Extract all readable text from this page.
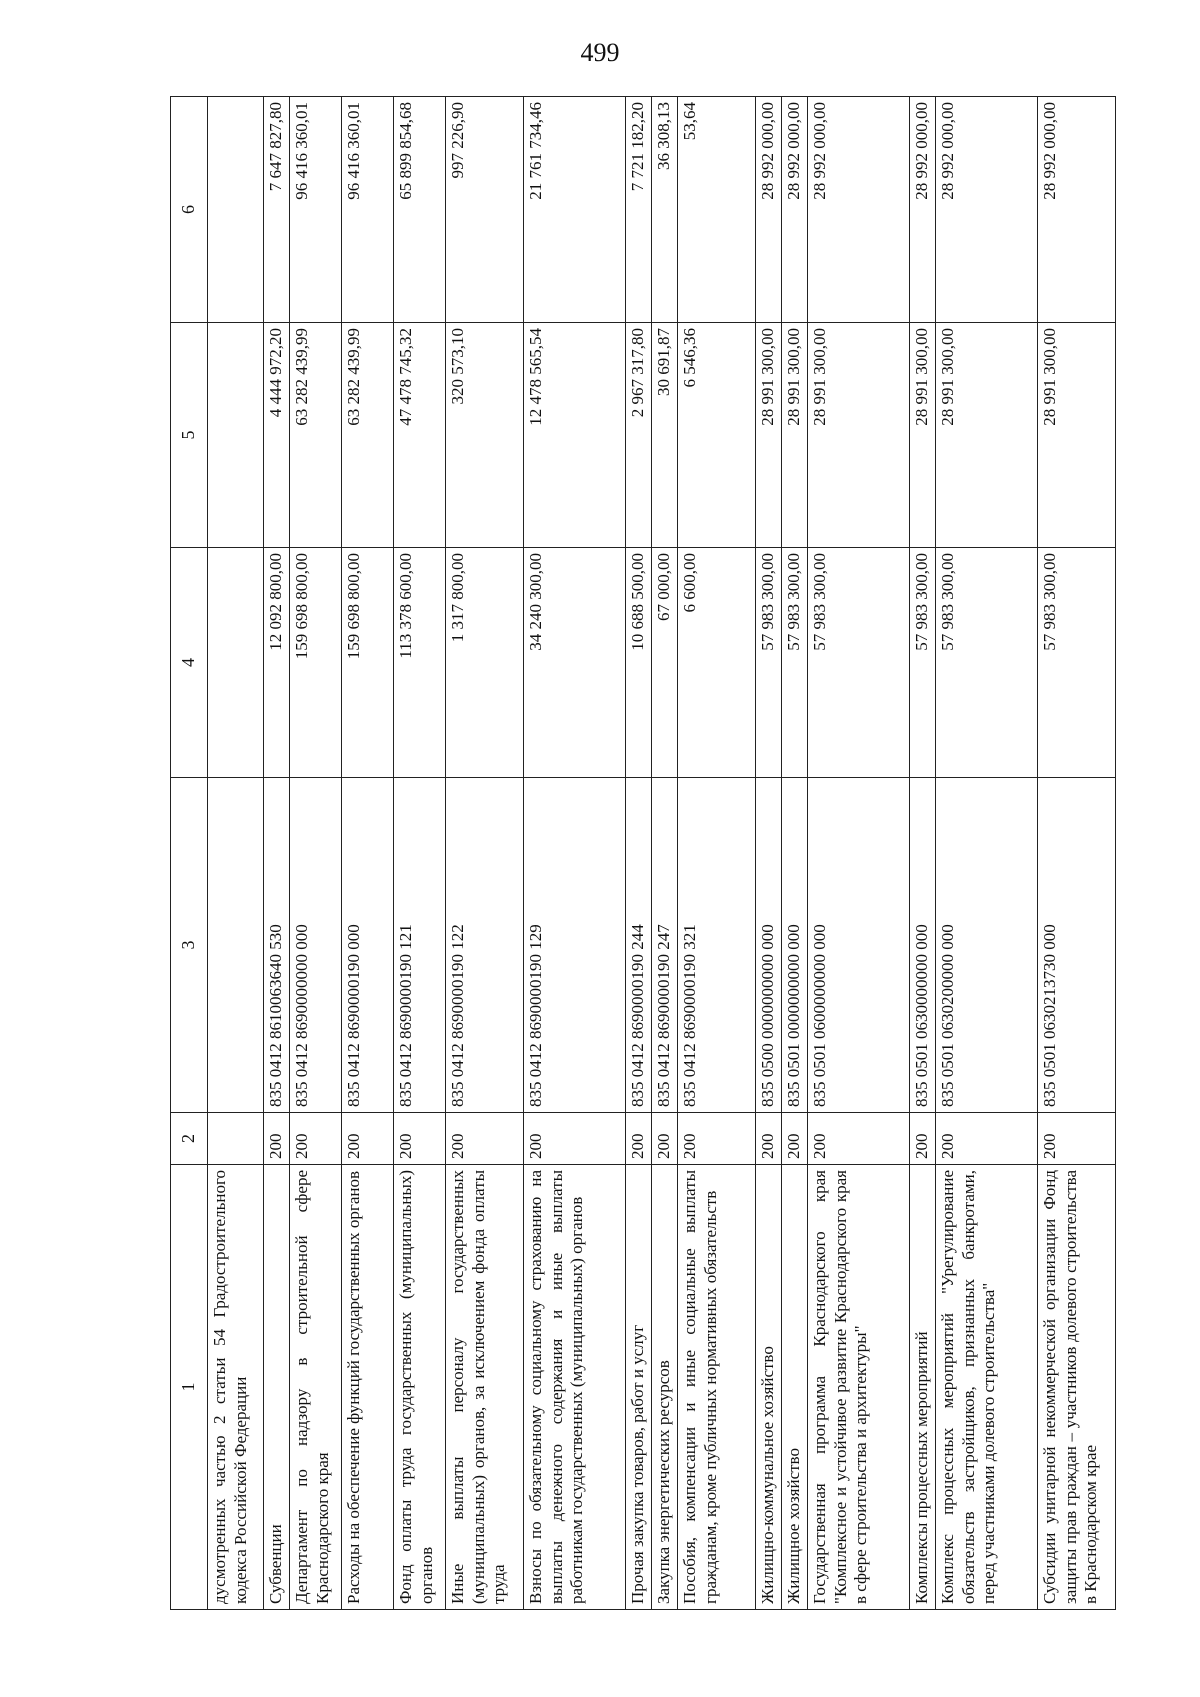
499
1	2	3	4	5	6
дусмотренных частью 2 статьи 54 Градостроительного кодекса Российской Федерации					
Субвенции	200	835 0412 8610063640 530	12 092 800,00	4 444 972,20	7 647 827,80
Департамент по надзору в строительной сфере Краснодарского края	200	835 0412 8690000000 000	159 698 800,00	63 282 439,99	96 416 360,01
Расходы на обеспечение функций государственных органов	200	835 0412 8690000190 000	159 698 800,00	63 282 439,99	96 416 360,01
Фонд оплаты труда государственных (муниципальных) органов	200	835 0412 8690000190 121	113 378 600,00	47 478 745,32	65 899 854,68
Иные выплаты персоналу государственных (муниципальных) органов, за исключением фонда оплаты труда	200	835 0412 8690000190 122	1 317 800,00	320 573,10	997 226,90
Взносы по обязательному социальному страхованию на выплаты денежного содержания и иные выплаты работникам государственных (муниципальных) органов	200	835 0412 8690000190 129	34 240 300,00	12 478 565,54	21 761 734,46
Прочая закупка товаров, работ и услуг	200	835 0412 8690000190 244	10 688 500,00	2 967 317,80	7 721 182,20
Закупка энергетических ресурсов	200	835 0412 8690000190 247	67 000,00	30 691,87	36 308,13
Пособия, компенсации и иные социальные выплаты гражданам, кроме публичных нормативных обязательств	200	835 0412 8690000190 321	6 600,00	6 546,36	53,64
Жилищно-коммунальное хозяйство	200	835 0500 0000000000 000	57 983 300,00	28 991 300,00	28 992 000,00
Жилищное хозяйство	200	835 0501 0000000000 000	57 983 300,00	28 991 300,00	28 992 000,00
Государственная программа Краснодарского края "Комплексное и устойчивое развитие Краснодарского края в сфере строительства и архитектуры"	200	835 0501 0600000000 000	57 983 300,00	28 991 300,00	28 992 000,00
Комплексы процессных мероприятий	200	835 0501 0630000000 000	57 983 300,00	28 991 300,00	28 992 000,00
Комплекс процессных мероприятий "Урегулирование обязательств застройщиков, признанных банкротами, перед участниками долевого строительства"	200	835 0501 0630200000 000	57 983 300,00	28 991 300,00	28 992 000,00
Субсидии унитарной некоммерческой организации Фонд защиты прав граждан – участников долевого строительства в Краснодарском крае	200	835 0501 0630213730 000	57 983 300,00	28 991 300,00	28 992 000,00
